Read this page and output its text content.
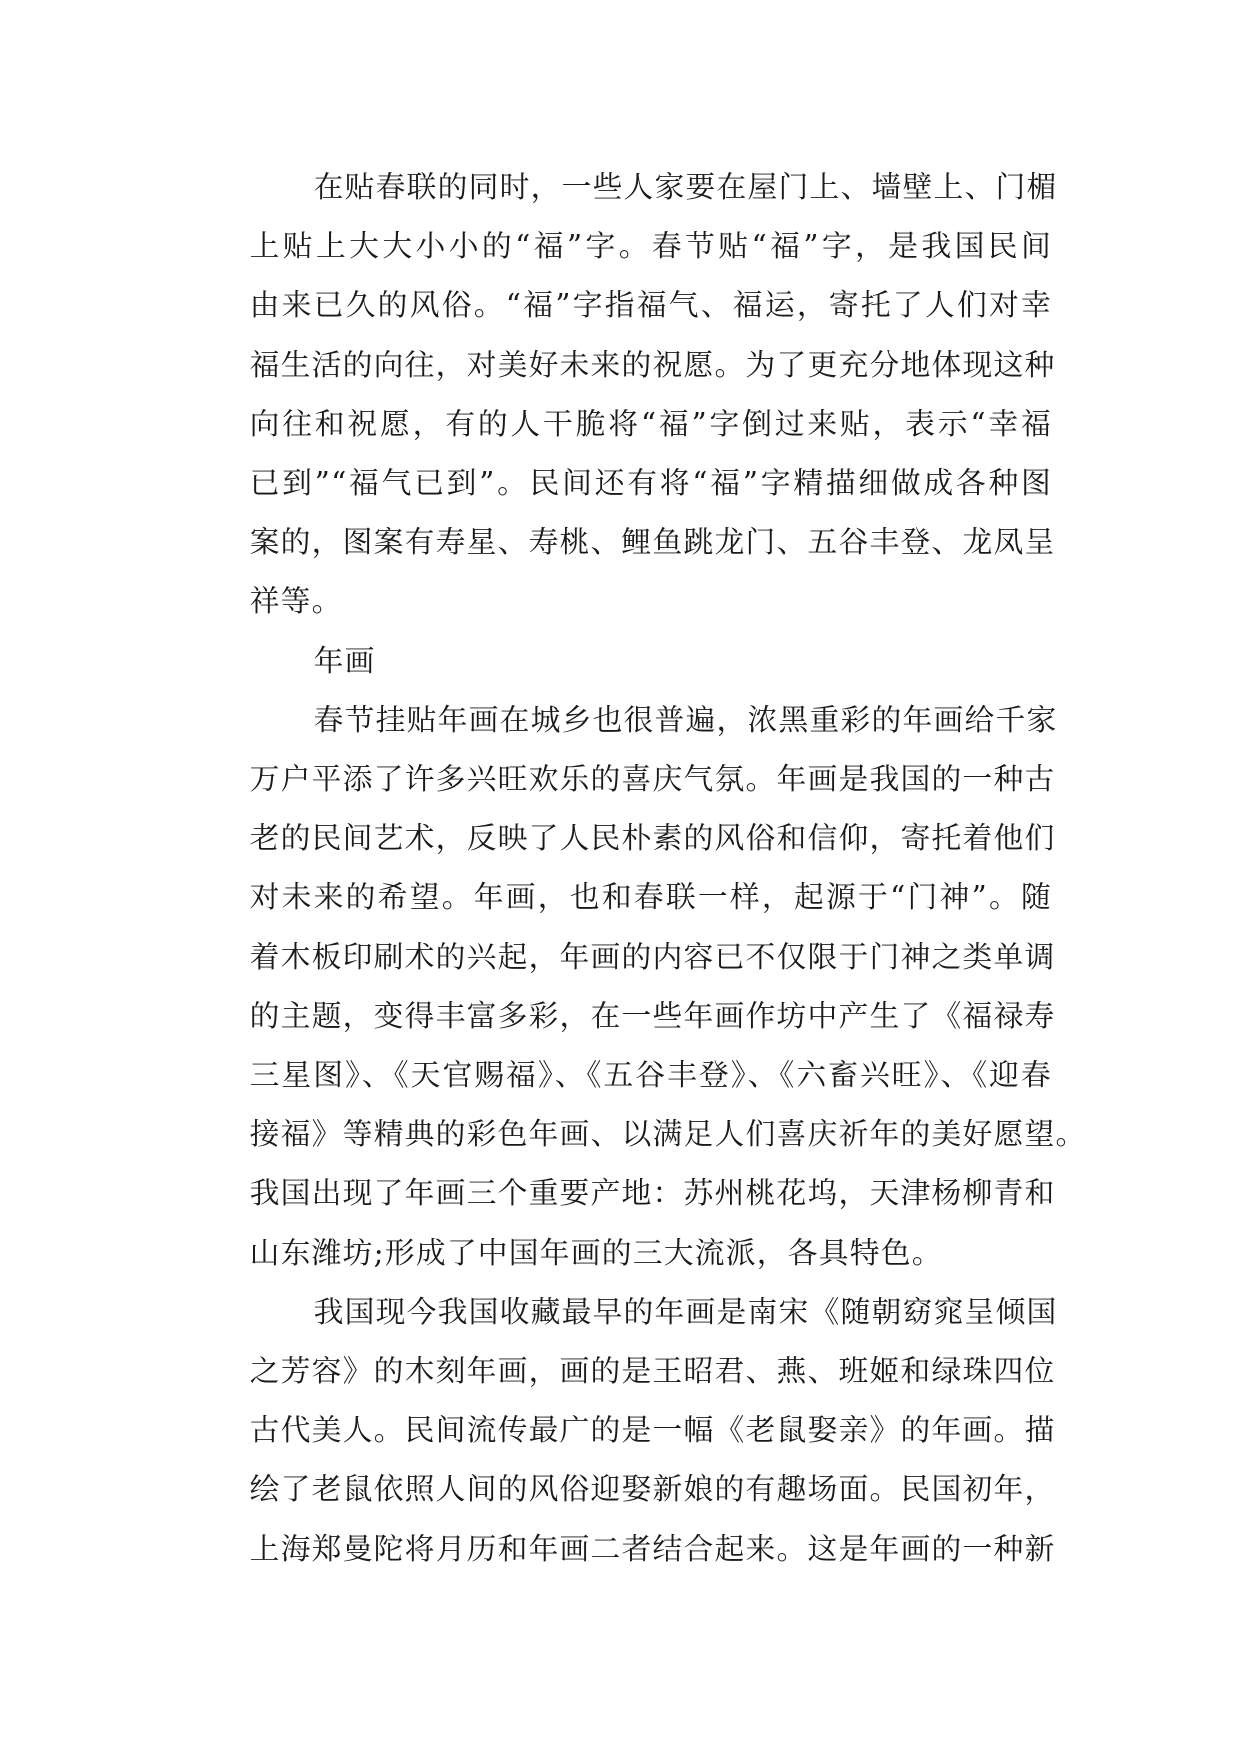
在贴春联的同时，一些人家要在屋门上、墙壁上、门楣
上贴上大大小小的“福”字。春节贴“福”字，是我国民间
由来已久的风俗。“福”字指福气、福运，寄托了人们对幸
福生活的向往，对美好未来的祝愿。为了更充分地体现这种
向往和祝愿，有的人干脆将“福”字倒过来贴，表示“幸福
已到”“福气已到”。民间还有将“福”字精描细做成各种图
案的，图案有寿星、寿桃、鲤鱼跳龙门、五谷丰登、龙凤呈
祥等。
年画
春节挂贴年画在城乡也很普遍，浓黑重彩的年画给千家
万户平添了许多兴旺欢乐的喜庆气氛。年画是我国的一种古
老的民间艺术，反映了人民朴素的风俗和信仰，寄托着他们
对未来的希望。年画，也和春联一样，起源于“门神”。随
着木板印刷术的兴起，年画的内容已不仅限于门神之类单调
的主题，变得丰富多彩，在一些年画作坊中产生了《福禄寿
三星图》、《天官赐福》、《五谷丰登》、《六畜兴旺》、《迎春
接福》等精典的彩色年画、以满足人们喜庆祈年的美好愿望。
我国出现了年画三个重要产地：苏州桃花坞，天津杨柳青和
山东潍坊;形成了中国年画的三大流派，各具特色。
我国现今我国收藏最早的年画是南宋《随朝窈窕呈倾国
之芳容》的木刻年画，画的是王昭君、燕、班姬和绿珠四位
古代美人。民间流传最广的是一幅《老鼠娶亲》的年画。描
绘了老鼠依照人间的风俗迎娶新娘的有趣场面。民国初年，
上海郑曼陀将月历和年画二者结合起来。这是年画的一种新
